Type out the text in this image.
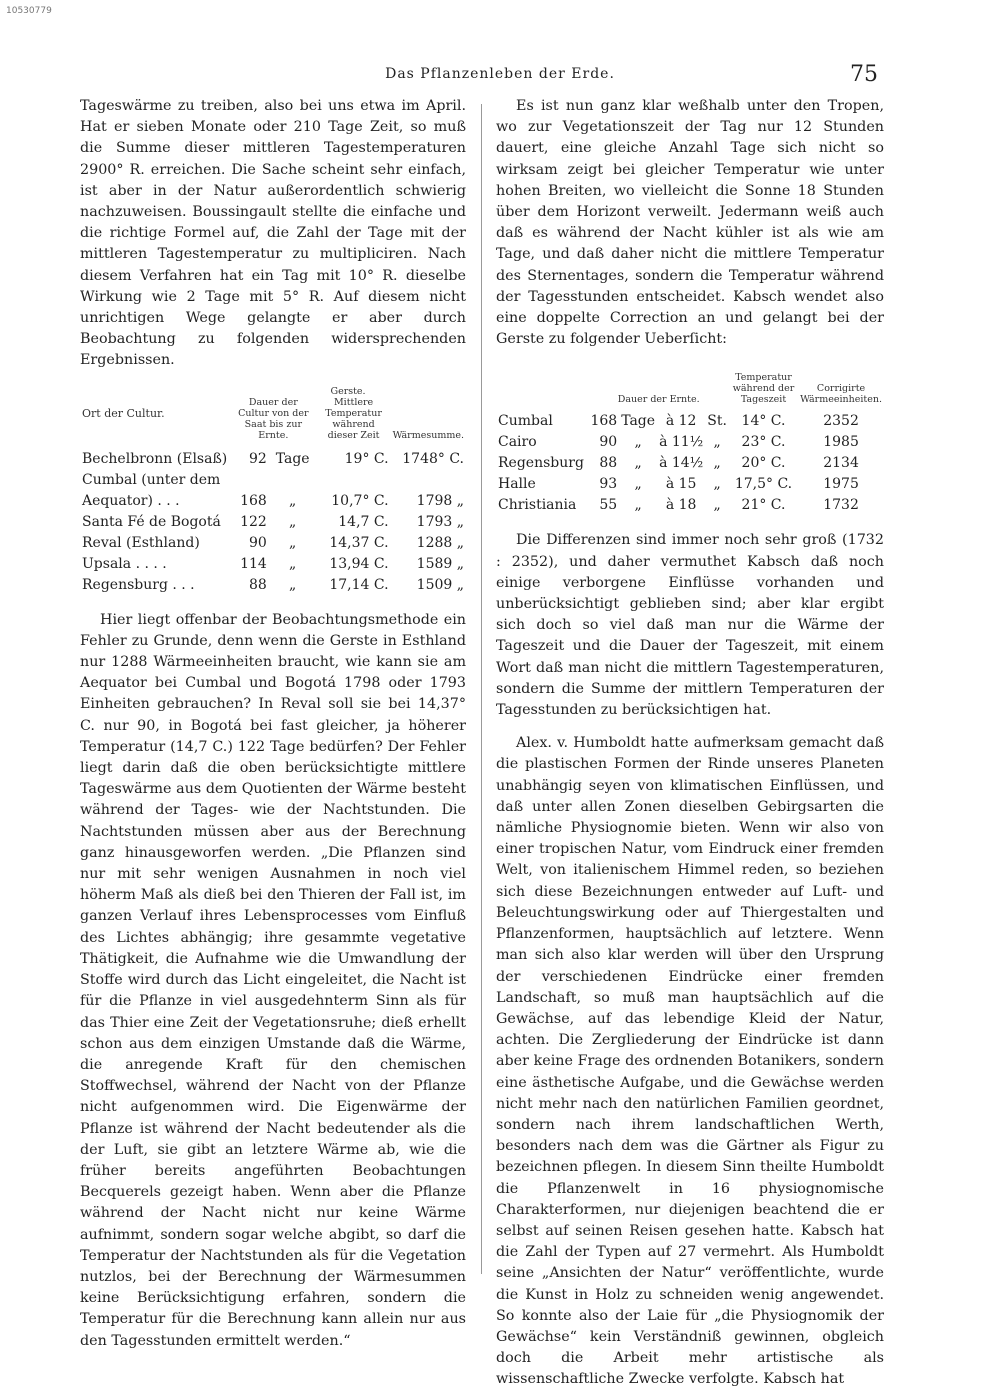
10530779
Das Pflanzenleben der Erde.	75

Tageswärme zu treiben, also bei uns etwa im April. Hat er sieben Monate oder 210 Tage Zeit, so muß die Summe dieser mittleren Tagestemperaturen 2900° R. erreichen. Die Sache scheint sehr einfach, ist aber in der Natur außerordentlich schwierig nachzuweisen. Boussingault stellte die einfache und die richtige Formel auf, die Zahl der Tage mit der mittleren Tagestemperatur zu multipliciren. Nach diesem Verfahren hat ein Tag mit 10° R. dieselbe Wirkung wie 2 Tage mit 5° R. Auf diesem nicht unrichtigen Wege gelangte er aber durch Beobachtung zu folgenden widersprechenden Ergebnissen.

Ort der Cultur.	Gerste.			
	Dauer der Cultur von der Saat bis zur Ernte.		Mittlere Temperatur während dieser Zeit	Wärmesumme.

Bechelbronn (Elsaß)	92	Tage	19° C.	1748° C.
Cumbal (unter dem				
Aequator) . . .	168	„	10,7° C.	1798 „
Santa Fé de Bogotá	122	„	14,7 C.	1793 „
Reval (Esthland)	90	„	14,37 C.	1288 „
Upsala . . . .	114	„	13,94 C.	1589 „
Regensburg . . .	88	„	17,14 C.	1509 „

Hier liegt offenbar der Beobachtungsmethode ein Fehler zu Grunde, denn wenn die Gerste in Esthland nur 1288 Wärmeeinheiten braucht, wie kann sie am Aequator bei Cumbal und Bogotá 1798 oder 1793 Einheiten gebrauchen? In Reval soll sie bei 14,37° C. nur 90, in Bogotá bei fast gleicher, ja höherer Temperatur (14,7 C.) 122 Tage bedürfen? Der Fehler liegt darin daß die oben berücksichtigte mittlere Tageswärme aus dem Quotienten der Wärme besteht während der Tages- wie der Nachtstunden. Die Nachtstunden müssen aber aus der Berechnung ganz hinausgeworfen werden. „Die Pflanzen sind nur mit sehr wenigen Ausnahmen in noch viel höherm Maß als dieß bei den Thieren der Fall ist, im ganzen Verlauf ihres Lebensprocesses vom Einfluß des Lichtes abhängig; ihre gesammte vegetative Thätigkeit, die Aufnahme wie die Umwandlung der Stoffe wird durch das Licht eingeleitet, die Nacht ist für die Pflanze in viel ausgedehnterm Sinn als für das Thier eine Zeit der Vegetationsruhe; dieß erhellt schon aus dem einzigen Umstande daß die Wärme, die anregende Kraft für den chemischen Stoffwechsel, während der Nacht von der Pflanze nicht aufgenommen wird. Die Eigenwärme der Pflanze ist während der Nacht bedeutender als die der Luft, sie gibt an letztere Wärme ab, wie die früher bereits angeführten Beobachtungen Becquerels gezeigt haben. Wenn aber die Pflanze während der Nacht nicht nur keine Wärme aufnimmt, sondern sogar welche abgibt, so darf die Temperatur der Nachtstunden als für die Vegetation nutzlos, bei der Berechnung der Wärmesummen keine Berücksichtigung erfahren, sondern die Temperatur für die Berechnung kann allein nur aus den Tagesstunden ermittelt werden.“

Es ist nun ganz klar weßhalb unter den Tropen, wo zur Vegetationszeit der Tag nur 12 Stunden dauert, eine gleiche Anzahl Tage sich nicht so wirksam zeigt bei gleicher Temperatur wie unter hohen Breiten, wo vielleicht die Sonne 18 Stunden über dem Horizont verweilt. Jedermann weiß auch daß es während der Nacht kühler ist als wie am Tage, und daß daher nicht die mittlere Temperatur des Sternentages, sondern die Temperatur während der Tagesstunden entscheidet. Kabsch wendet also eine doppelte Correction an und gelangt bei der Gerste zu folgender Ueberſicht:

	Dauer der Ernte.				Temperatur während der Tageszeit	Corrigirte Wärmeeinheiten.

Cumbal	168	Tage	à 12	St.	14° C.	2352
Cairo	90	„	à 11½	„	23° C.	1985
Regensburg	88	„	à 14½	„	20° C.	2134
Halle	93	„	à 15	„	17,5° C.	1975
Christiania	55	„	à 18	„	21° C.	1732

Die Differenzen sind immer noch sehr groß (1732 : 2352), und daher vermuthet Kabsch daß noch einige verborgene Einflüsse vorhanden und unberücksichtigt geblieben sind; aber klar ergibt sich doch so viel daß man nur die Wärme der Tageszeit und die Dauer der Tageszeit, mit einem Wort daß man nicht die mittlern Tagestemperaturen, sondern die Summe der mittlern Temperaturen der Tagesstunden zu berücksichtigen hat.

Alex. v. Humboldt hatte aufmerksam gemacht daß die plastischen Formen der Rinde unseres Planeten unabhängig seyen von klimatischen Einflüssen, und daß unter allen Zonen dieselben Gebirgsarten die nämliche Physiognomie bieten. Wenn wir also von einer tropischen Natur, vom Eindruck einer fremden Welt, von italienischem Himmel reden, so beziehen sich diese Bezeichnungen entweder auf Luft- und Beleuchtungswirkung oder auf Thiergestalten und Pflanzenformen, hauptsächlich auf letztere. Wenn man sich also klar werden will über den Ursprung der verschiedenen Eindrücke einer fremden Landschaft, so muß man hauptsächlich auf die Gewächse, auf das lebendige Kleid der Natur, achten. Die Zergliederung der Eindrücke ist dann aber keine Frage des ordnenden Botanikers, sondern eine ästhetische Aufgabe, und die Gewächse werden nicht mehr nach den natürlichen Familien geordnet, sondern nach ihrem landschaftlichen Werth, besonders nach dem was die Gärtner als Figur zu bezeichnen pflegen. In diesem Sinn theilte Humboldt die Pflanzenwelt in 16 physiognomische Charakterformen, nur diejenigen beachtend die er selbst auf seinen Reisen gesehen hatte. Kabsch hat die Zahl der Typen auf 27 vermehrt. Als Humboldt seine „Ansichten der Natur“ veröffentlichte, wurde die Kunst in Holz zu schneiden wenig angewendet. So konnte also der Laie für „die Physiognomik der Gewächse“ kein Verständniß gewinnen, obgleich doch die Arbeit mehr artistische als wissenschaftliche Zwecke verfolgte. Kabsch hat
